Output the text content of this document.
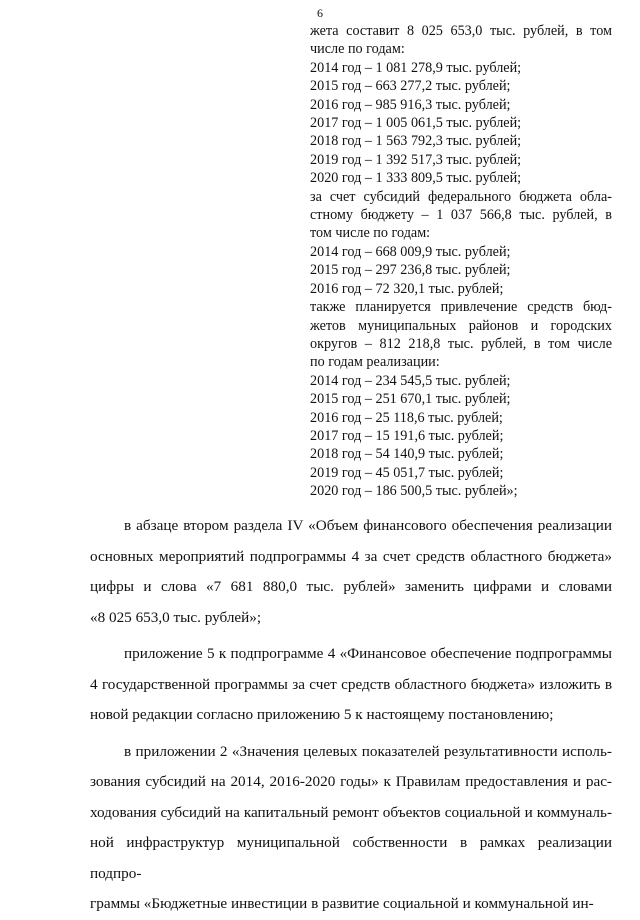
6
жета составит 8 025 653,0 тыс. рублей, в том
числе по годам:
2014 год – 1 081 278,9 тыс. рублей;
2015 год – 663 277,2 тыс. рублей;
2016 год – 985 916,3 тыс. рублей;
2017 год – 1 005 061,5 тыс. рублей;
2018 год – 1 563 792,3 тыс. рублей;
2019 год – 1 392 517,3 тыс. рублей;
2020 год – 1 333 809,5 тыс. рублей;
за счет субсидий федерального бюджета обла-
стному бюджету – 1 037 566,8 тыс. рублей, в
том числе по годам:
2014 год – 668 009,9 тыс. рублей;
2015 год – 297 236,8 тыс. рублей;
2016 год – 72 320,1 тыс. рублей;
также планируется привлечение средств бюд-
жетов муниципальных районов и городских
округов – 812 218,8 тыс. рублей, в том числе
по годам реализации:
2014 год – 234 545,5 тыс. рублей;
2015 год – 251 670,1 тыс. рублей;
2016 год – 25 118,6 тыс. рублей;
2017 год – 15 191,6 тыс. рублей;
2018 год – 54 140,9 тыс. рублей;
2019 год – 45 051,7 тыс. рублей;
2020 год – 186 500,5 тыс. рублей»;
в абзаце втором раздела IV «Объем финансового обеспечения реализации
основных мероприятий подпрограммы 4 за счет средств областного бюджета»
цифры и слова «7 681 880,0 тыс. рублей» заменить цифрами и словами
«8 025 653,0 тыс. рублей»;
приложение 5 к подпрограмме 4 «Финансовое обеспечение подпрограммы
4 государственной программы за счет средств областного бюджета» изложить в
новой редакции согласно приложению 5 к настоящему постановлению;
в приложении 2 «Значения целевых показателей результативности исполь-
зования субсидий на 2014, 2016-2020 годы» к Правилам предоставления и рас-
ходования субсидий на капитальный ремонт объектов социальной и коммуналь-
ной инфраструктур муниципальной собственности в рамках реализации подпро-
граммы «Бюджетные инвестиции в развитие социальной и коммунальной ин-
